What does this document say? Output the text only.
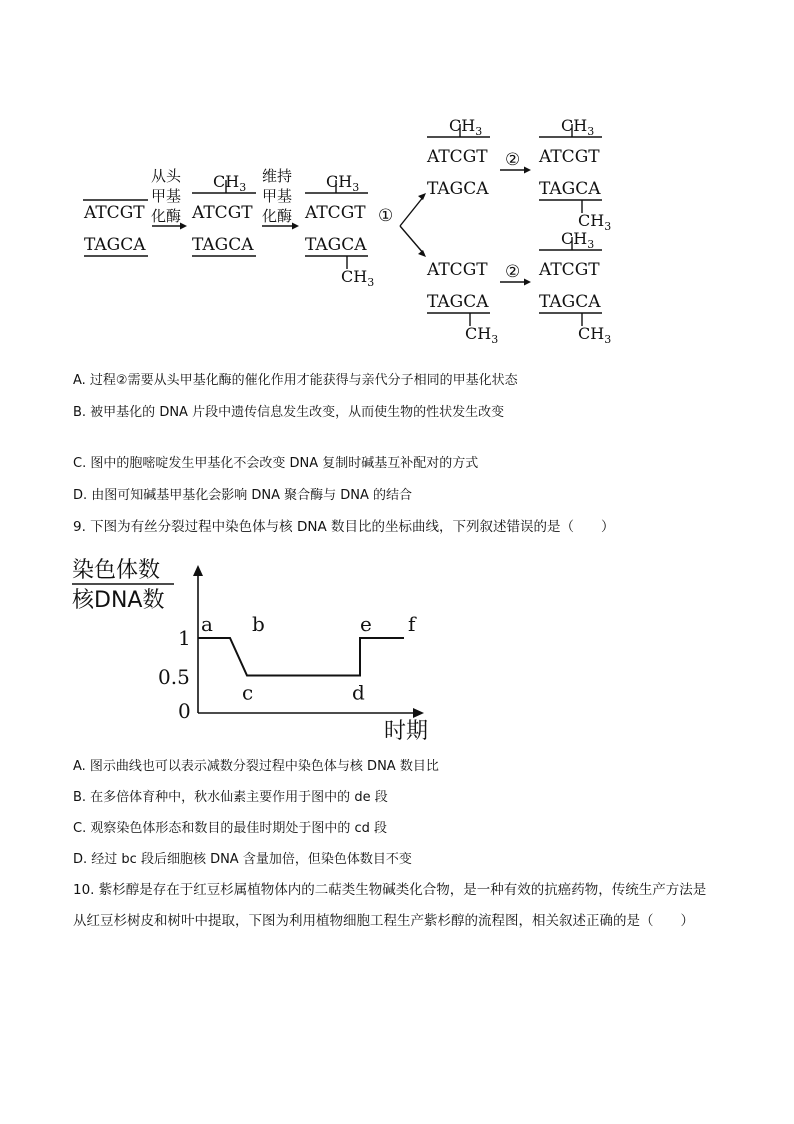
ATCGT
TAGCA
ATCGT
TAGCA
ATCGT
TAGCA
ATCGT
TAGCA
ATCGT
TAGCA
ATCGT
TAGCA
ATCGT
TAGCA
$CH_3$	$CH_3$
$CH_3$
$CH_3$	$CH_3$
$CH_3$
$CH_3$
$CH_3$	$CH_3$
从头
甲基
化酶
维持
甲基
化酶	①
②
②
A. 过程②需要从头甲基化酶的催化作用才能获得与亲代分子相同的甲基化状态
B. 被甲基化的 DNA 片段中遗传信息发生改变，从而使生物的性状发生改变
C. 图中的胞嘧啶发生甲基化不会改变 DNA 复制时碱基互补配对的方式
D. 由图可知碱基甲基化会影响 DNA 聚合酶与 DNA 的结合
9. 下图为有丝分裂过程中染色体与核 DNA 数目比的坐标曲线，下列叙述错误的是（　　）
染色体数
核DNA数
1
0.5
0
时期
a b
c	d
e f
A. 图示曲线也可以表示减数分裂过程中染色体与核 DNA 数目比
B. 在多倍体育种中，秋水仙素主要作用于图中的 de 段
C. 观察染色体形态和数目的最佳时期处于图中的 cd 段
D. 经过 bc 段后细胞核 DNA 含量加倍，但染色体数目不变
10. 紫杉醇是存在于红豆杉属植物体内的二萜类生物碱类化合物，是一种有效的抗癌药物，传统生产方法是
从红豆杉树皮和树叶中提取，下图为利用植物细胞工程生产紫杉醇的流程图，相关叙述正确的是（　　）
